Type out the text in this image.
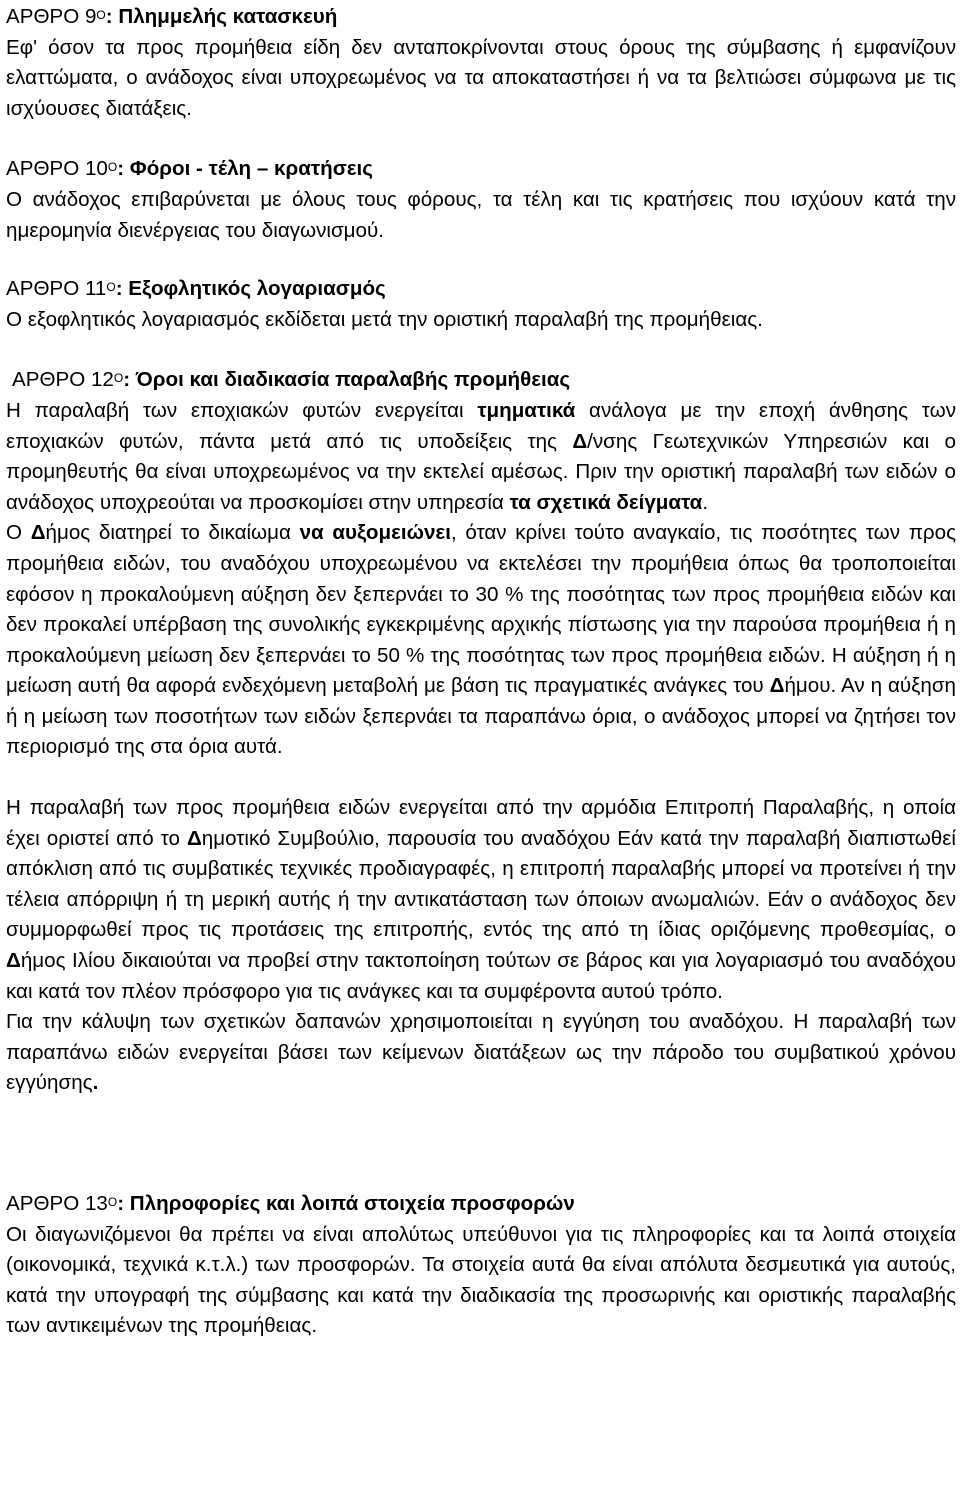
ΑΡΘΡΟ $9^O$: Πλημμελής κατασκευή

Εφ' όσον τα προς προμήθεια είδη δεν ανταποκρίνονται στους όρους της σύμβασης ή εμφανίζουν ελαττώματα, ο ανάδοχος είναι υποχρεωμένος να τα αποκαταστήσει ή να τα βελτιώσει σύμφωνα με τις ισχύουσες διατάξεις.

ΑΡΘΡΟ $10^O$: Φόροι - τέλη – κρατήσεις

Ο ανάδοχος επιβαρύνεται με όλους τους φόρους, τα τέλη και τις κρατήσεις που ισχύουν κατά την ημερομηνία διενέργειας του διαγωνισμού.

ΑΡΘΡΟ $11^O$: Εξοφλητικός λογαριασμός

Ο εξοφλητικός λογαριασμός εκδίδεται μετά την οριστική παραλαβή της προμήθειας.

ΑΡΘΡΟ $12^O$: Όροι και διαδικασία παραλαβής προμήθειας

Η παραλαβή των εποχιακών φυτών ενεργείται τμηματικά ανάλογα με την εποχή άνθησης των εποχιακών φυτών, πάντα μετά από τις υποδείξεις της Δ/νσης Γεωτεχνικών Υπηρεσιών και ο προμηθευτής θα είναι υποχρεωμένος να την εκτελεί αμέσως. Πριν την οριστική παραλαβή των ειδών ο ανάδοχος υποχρεούται να προσκομίσει στην υπηρεσία τα σχετικά δείγματα.

Ο Δήμος διατηρεί το δικαίωμα να αυξομειώνει, όταν κρίνει τούτο αναγκαίο, τις ποσότητες των προς προμήθεια ειδών, του αναδόχου υποχρεωμένου να εκτελέσει την προμήθεια όπως θα τροποποιείται εφόσον η προκαλούμενη αύξηση δεν ξεπερνάει το 30 % της ποσότητας των προς προμήθεια ειδών και δεν προκαλεί υπέρβαση της συνολικής εγκεκριμένης αρχικής πίστωσης για την παρούσα προμήθεια ή η προκαλούμενη μείωση δεν ξεπερνάει το 50 % της ποσότητας των προς προμήθεια ειδών. Η αύξηση ή η μείωση αυτή θα αφορά ενδεχόμενη μεταβολή με βάση τις πραγματικές ανάγκες του Δήμου. Αν η αύξηση ή η μείωση των ποσοτήτων των ειδών ξεπερνάει τα παραπάνω όρια, ο ανάδοχος μπορεί να ζητήσει τον περιορισμό της στα όρια αυτά.

Η παραλαβή των προς προμήθεια ειδών ενεργείται από την αρμόδια Επιτροπή Παραλαβής, η οποία έχει οριστεί από το Δημοτικό Συμβούλιο, παρουσία του αναδόχου Εάν κατά την παραλαβή διαπιστωθεί απόκλιση από τις συμβατικές τεχνικές προδιαγραφές, η επιτροπή παραλαβής μπορεί να προτείνει ή την τέλεια απόρριψη ή τη μερική αυτής ή την αντικατάσταση των όποιων ανωμαλιών. Εάν ο ανάδοχος δεν συμμορφωθεί προς τις προτάσεις της επιτροπής, εντός της από τη ίδιας οριζόμενης προθεσμίας, ο Δήμος Ιλίου δικαιούται να προβεί στην τακτοποίηση τούτων σε βάρος και για λογαριασμό του αναδόχου και κατά τον πλέον πρόσφορο για τις ανάγκες και τα συμφέροντα αυτού τρόπο.

Για την κάλυψη των σχετικών δαπανών χρησιμοποιείται η εγγύηση του αναδόχου. Η παραλαβή των παραπάνω ειδών ενεργείται βάσει των κείμενων διατάξεων ως την πάροδο του συμβατικού χρόνου εγγύησης.

ΑΡΘΡΟ $13^O$: Πληροφορίες και λοιπά στοιχεία προσφορών

Οι διαγωνιζόμενοι θα πρέπει να είναι απολύτως υπεύθυνοι για τις πληροφορίες και τα λοιπά στοιχεία (οικονομικά, τεχνικά κ.τ.λ.) των προσφορών. Τα στοιχεία αυτά θα είναι απόλυτα δεσμευτικά για αυτούς, κατά την υπογραφή της σύμβασης και κατά την διαδικασία της προσωρινής και οριστικής παραλαβής των αντικειμένων της προμήθειας.
